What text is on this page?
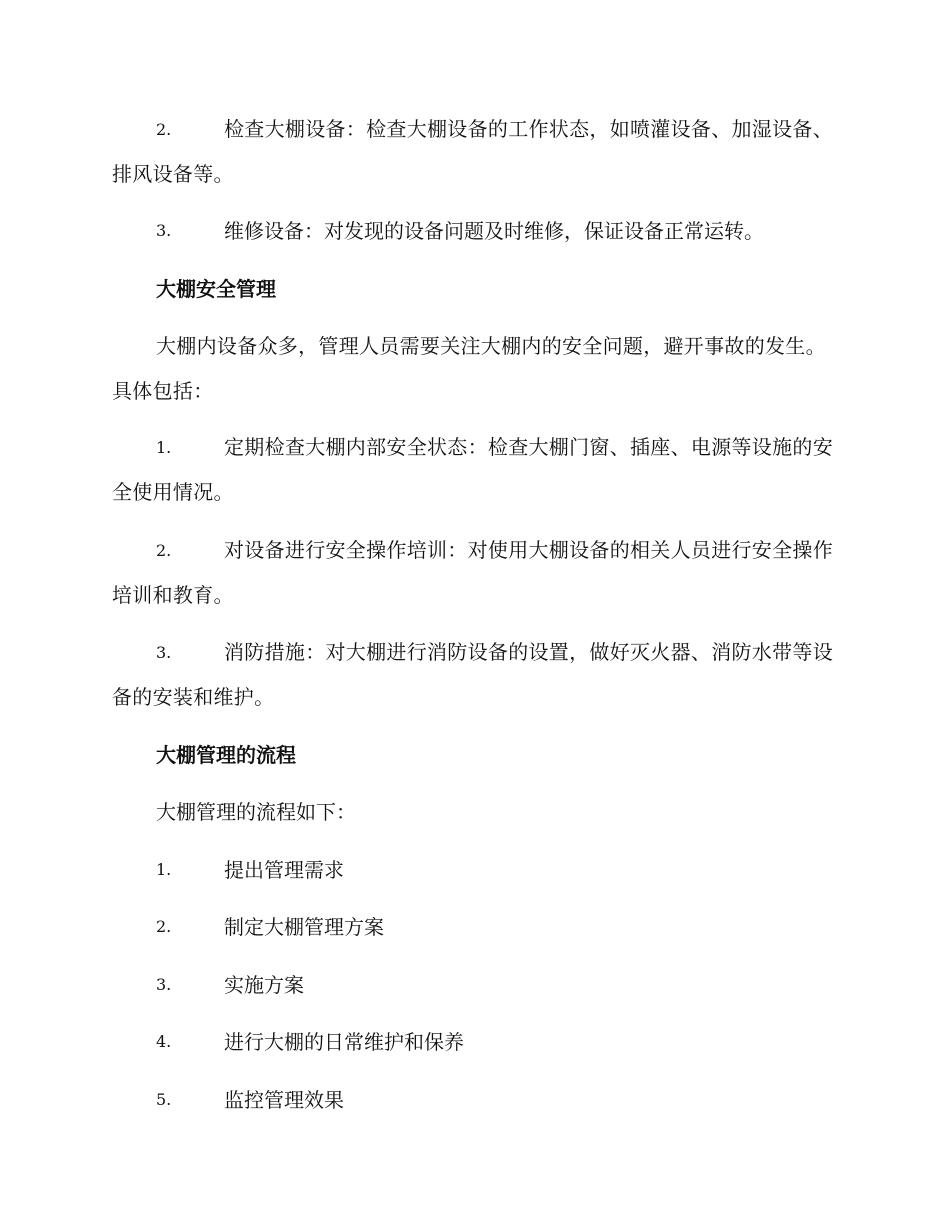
2.	检查大棚设备：检查大棚设备的工作状态，如喷灌设备、加湿设备、排风设备等。

3.	维修设备：对发现的设备问题及时维修，保证设备正常运转。

大棚安全管理

大棚内设备众多，管理人员需要关注大棚内的安全问题，避开事故的发生。具体包括：

1.	定期检查大棚内部安全状态：检查大棚门窗、插座、电源等设施的安全使用情况。

2.	对设备进行安全操作培训：对使用大棚设备的相关人员进行安全操作培训和教育。

3.	消防措施：对大棚进行消防设备的设置，做好灭火器、消防水带等设备的安装和维护。

大棚管理的流程

大棚管理的流程如下：
1.	提出管理需求
2.	制定大棚管理方案
3.	实施方案
4.	进行大棚的日常维护和保养
5.	监控管理效果
